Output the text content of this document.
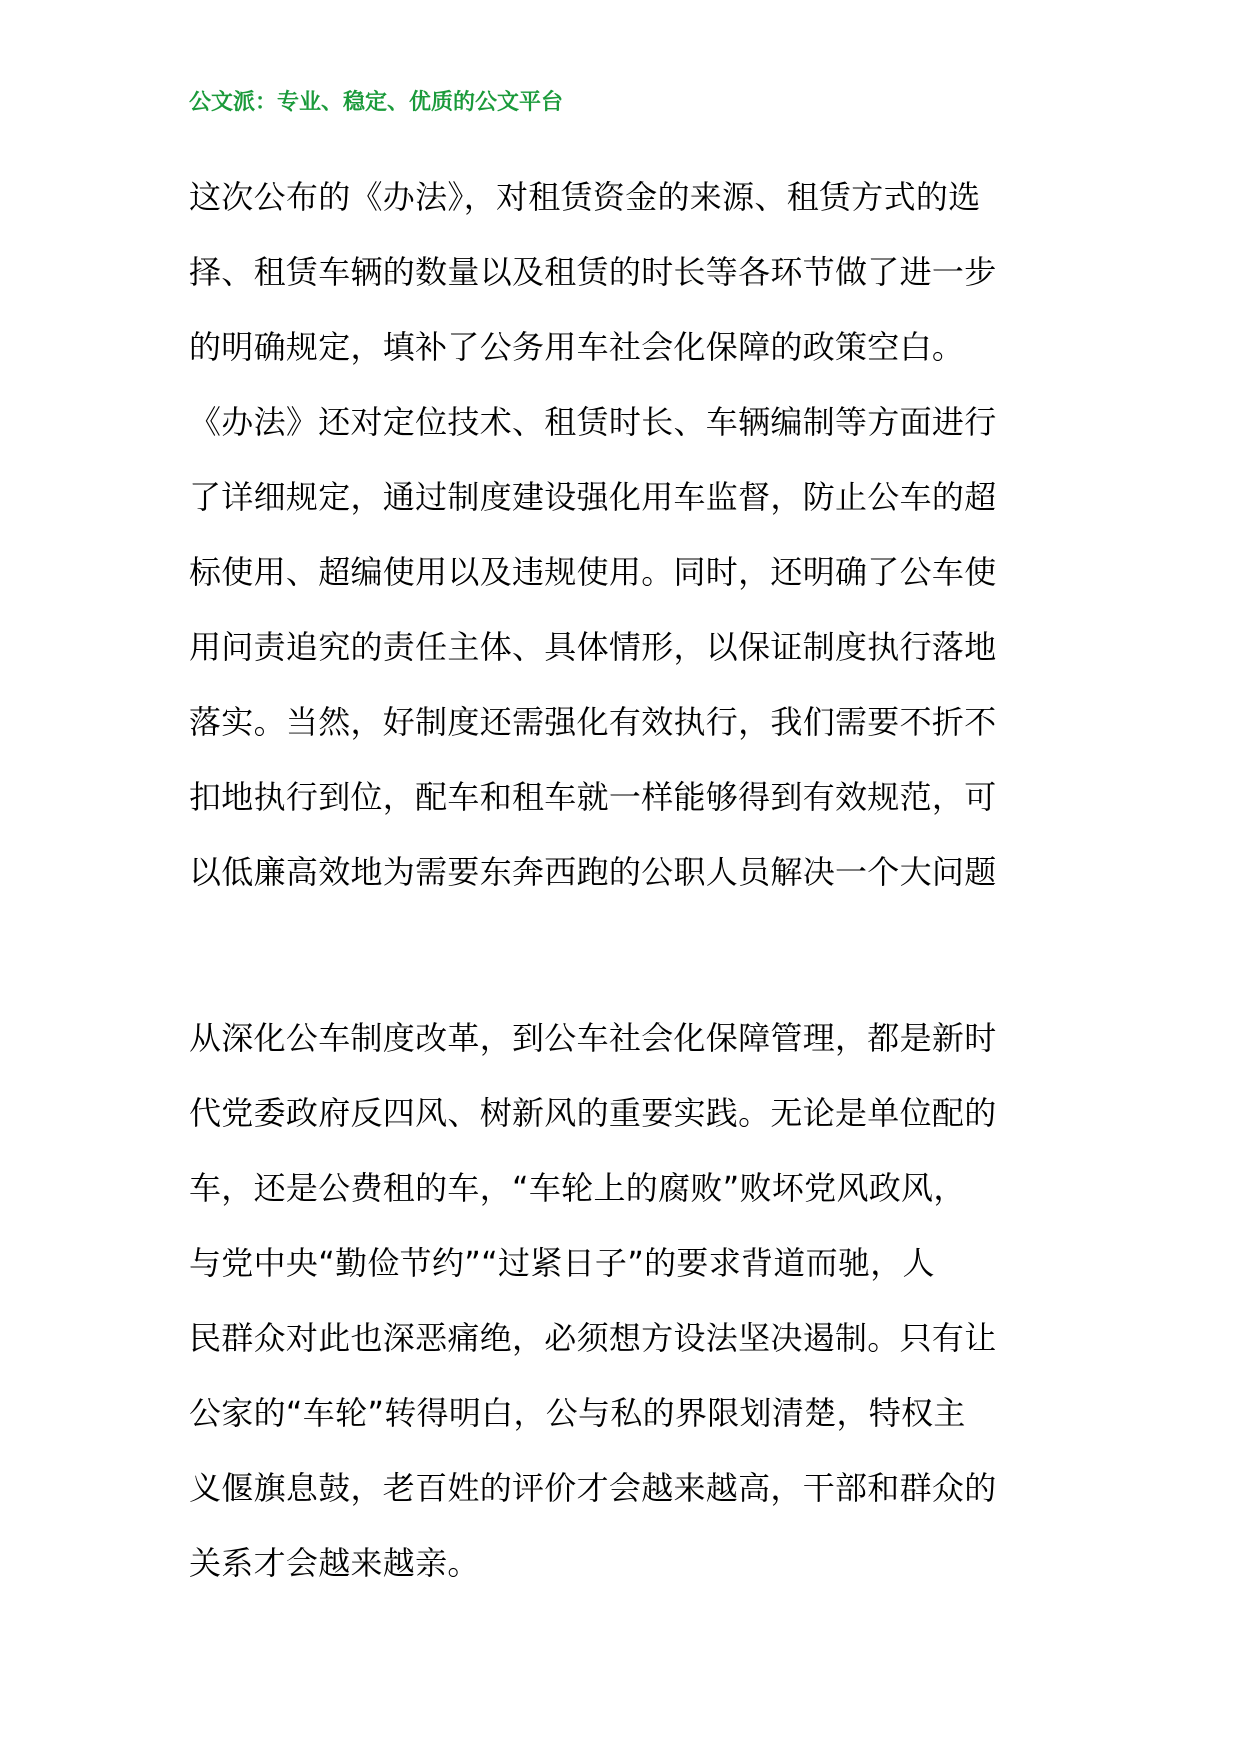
公文派：专业、稳定、优质的公文平台
这次公布的《办法》，对租赁资金的来源、租赁方式的选
择、租赁车辆的数量以及租赁的时长等各环节做了进一步
的明确规定，填补了公务用车社会化保障的政策空白。
《办法》还对定位技术、租赁时长、车辆编制等方面进行
了详细规定，通过制度建设强化用车监督，防止公车的超
标使用、超编使用以及违规使用。同时，还明确了公车使
用问责追究的责任主体、具体情形，以保证制度执行落地
落实。当然，好制度还需强化有效执行，我们需要不折不
扣地执行到位，配车和租车就一样能够得到有效规范，可
以低廉高效地为需要东奔西跑的公职人员解决一个大问题
从深化公车制度改革，到公车社会化保障管理，都是新时
代党委政府反四风、树新风的重要实践。无论是单位配的
车，还是公费租的车，“车轮上的腐败”败坏党风政风，
与党中央“勤俭节约”“过紧日子”的要求背道而驰，人
民群众对此也深恶痛绝，必须想方设法坚决遏制。只有让
公家的“车轮”转得明白，公与私的界限划清楚，特权主
义偃旗息鼓，老百姓的评价才会越来越高，干部和群众的
关系才会越来越亲。
